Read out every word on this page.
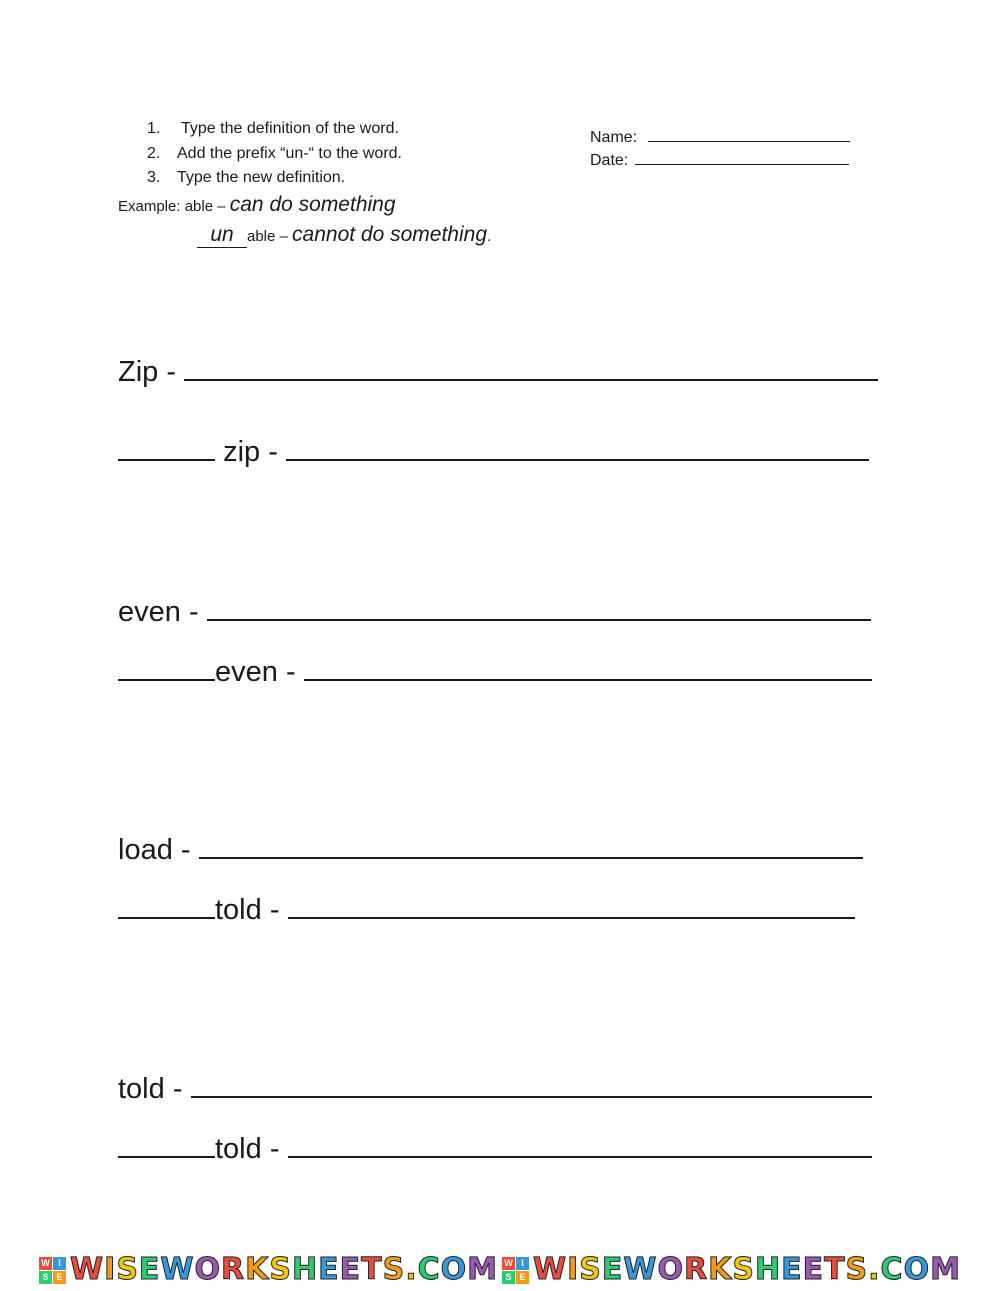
1. Type the definition of the word.
2. Add the prefix “un-“ to the word.
3. Type the new definition.
Name:
Date:
Example: able – can do something
un able – cannot do something.
Zip -
zip -
even -
even -
load -
told -
told -
told -
W I
S E WISEWORKSHEETS.COM W I
S E WISEWORKSHEETS.COM
